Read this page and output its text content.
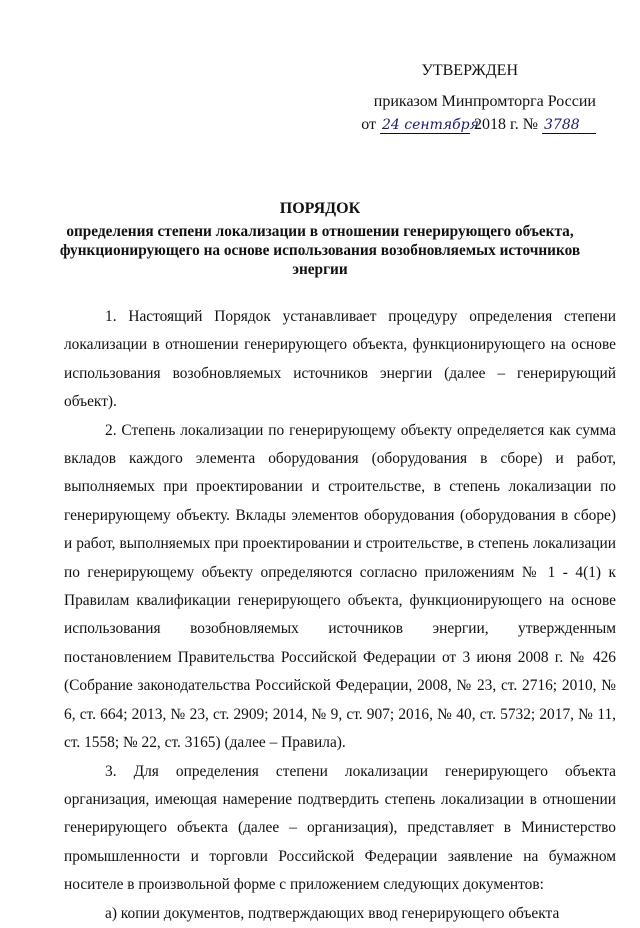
УТВЕРЖДЕН
приказом Минпромторга России
от 24 сентября 2018 г. № 3788
ПОРЯДОК
определения степени локализации в отношении генерирующего объекта, функционирующего на основе использования возобновляемых источников энергии

1. Настоящий Порядок устанавливает процедуру определения степени локализации в отношении генерирующего объекта, функционирующего на основе использования возобновляемых источников энергии (далее – генерирующий объект).

2. Степень локализации по генерирующему объекту определяется как сумма вкладов каждого элемента оборудования (оборудования в сборе) и работ, выполняемых при проектировании и строительстве, в степень локализации по генерирующему объекту. Вклады элементов оборудования (оборудования в сборе) и работ, выполняемых при проектировании и строительстве, в степень локализации по генерирующему объекту определяются согласно приложениям № 1 - 4(1) к Правилам квалификации генерирующего объекта, функционирующего на основе использования возобновляемых источников энергии, утвержденным постановлением Правительства Российской Федерации от 3 июня 2008 г. № 426 (Собрание законодательства Российской Федерации, 2008, № 23, ст. 2716; 2010, № 6, ст. 664; 2013, № 23, ст. 2909; 2014, № 9, ст. 907; 2016, № 40, ст. 5732; 2017, № 11, ст. 1558; № 22, ст. 3165) (далее – Правила).

3. Для определения степени локализации генерирующего объекта организация, имеющая намерение подтвердить степень локализации в отношении генерирующего объекта (далее – организация), представляет в Министерство промышленности и торговли Российской Федерации заявление на бумажном носителе в произвольной форме с приложением следующих документов:

а) копии документов, подтверждающих ввод генерирующего объекта
